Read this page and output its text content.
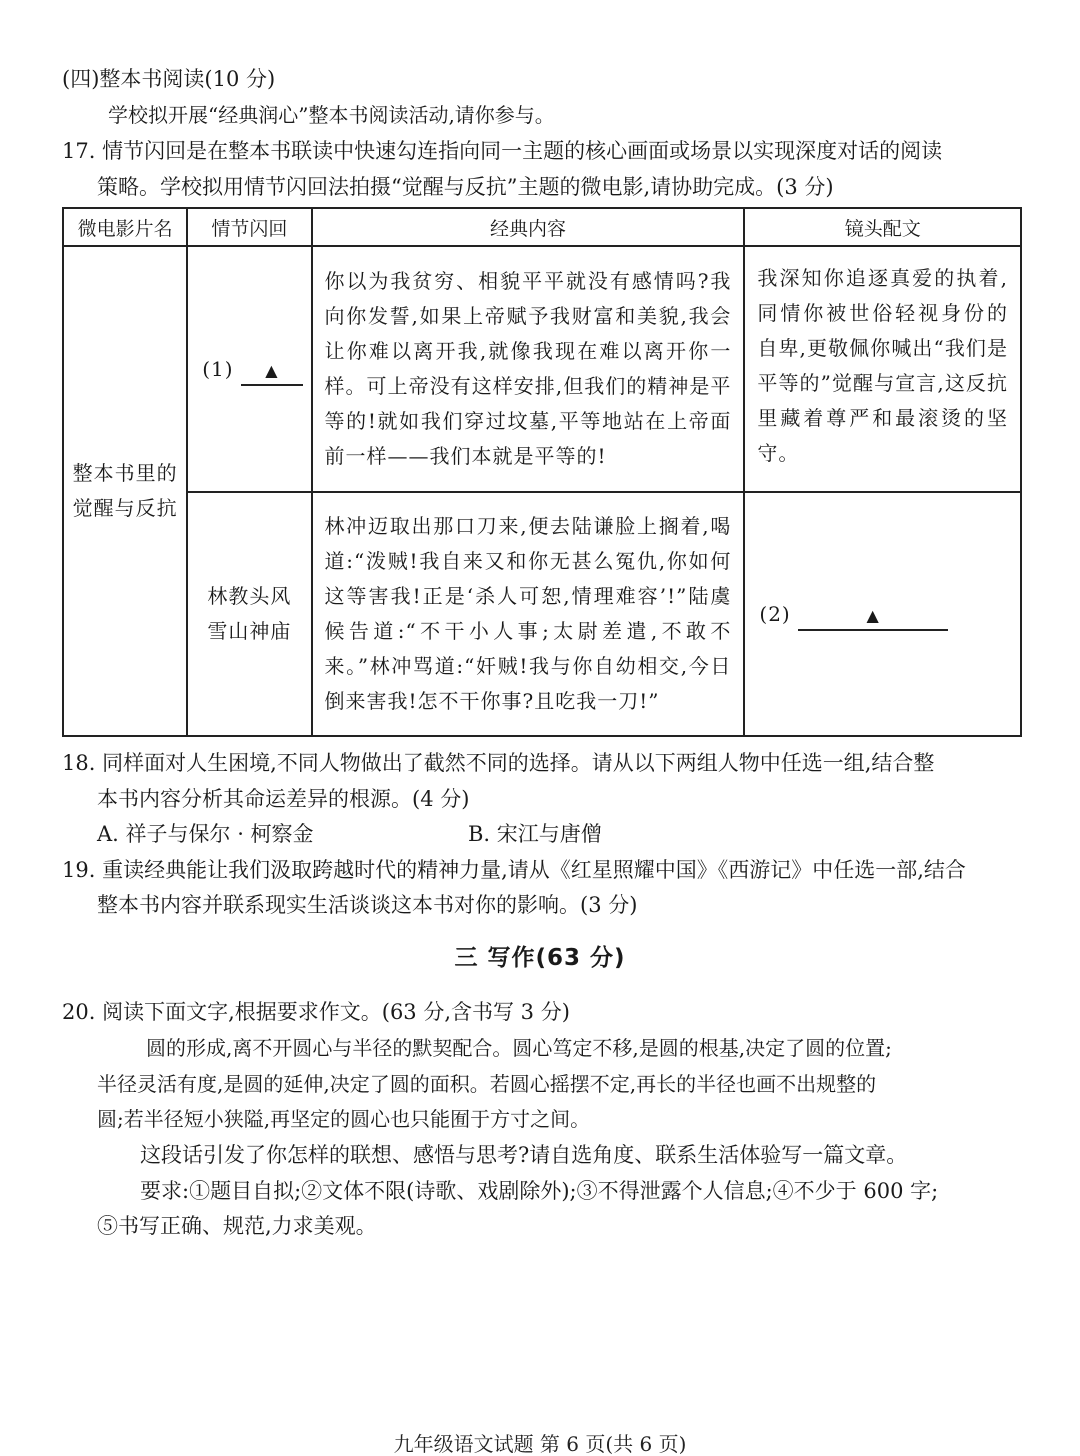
(四)整本书阅读(10 分)
学校拟开展“经典润心”整本书阅读活动,请你参与。
17. 情节闪回是在整本书联读中快速勾连指向同一主题的核心画面或场景以实现深度对话的阅读
策略。学校拟用情节闪回法拍摄“觉醒与反抗”主题的微电影,请协助完成。(3 分)
微电影片名	情节闪回	经典内容	镜头配文

整本书里的
觉醒与反抗	(1) ▲	你以为我贫穷、相貌平平就没有感情吗?我向你发誓,如果上帝赋予我财富和美貌,我会让你难以离开我,就像我现在难以离开你一样。可上帝没有这样安排,但我们的精神是平等的!就如我们穿过坟墓,平等地站在上帝面前一样——我们本就是平等的!	我深知你追逐真爱的执着,同情你被世俗轻视身份的自卑,更敬佩你喊出“我们是平等的”觉醒与宣言,这反抗里藏着尊严和最滚烫的坚守。

	林教头风
雪山神庙	林冲迈取出那口刀来,便去陆谦脸上搁着,喝道:“泼贼!我自来又和你无甚么冤仇,你如何这等害我!正是‘杀人可恕,情理难容’!”陆虞候告道:“不干小人事;太尉差遣,不敢不来。”林冲骂道:“奸贼!我与你自幼相交,今日倒来害我!怎不干你事?且吃我一刀!”	(2) ▲
18. 同样面对人生困境,不同人物做出了截然不同的选择。请从以下两组人物中任选一组,结合整
本书内容分析其命运差异的根源。(4 分)
A. 祥子与保尔 · 柯察金	B. 宋江与唐僧
19. 重读经典能让我们汲取跨越时代的精神力量,请从《红星照耀中国》《西游记》中任选一部,结合
整本书内容并联系现实生活谈谈这本书对你的影响。(3 分)
三 写作(63 分)
20. 阅读下面文字,根据要求作文。(63 分,含书写 3 分)
圆的形成,离不开圆心与半径的默契配合。圆心笃定不移,是圆的根基,决定了圆的位置;
半径灵活有度,是圆的延伸,决定了圆的面积。若圆心摇摆不定,再长的半径也画不出规整的
圆;若半径短小狭隘,再坚定的圆心也只能囿于方寸之间。
这段话引发了你怎样的联想、感悟与思考?请自选角度、联系生活体验写一篇文章。
要求:①题目自拟;②文体不限(诗歌、戏剧除外);③不得泄露个人信息;④不少于 600 字;
⑤书写正确、规范,力求美观。
九年级语文试题 第 6 页(共 6 页)
